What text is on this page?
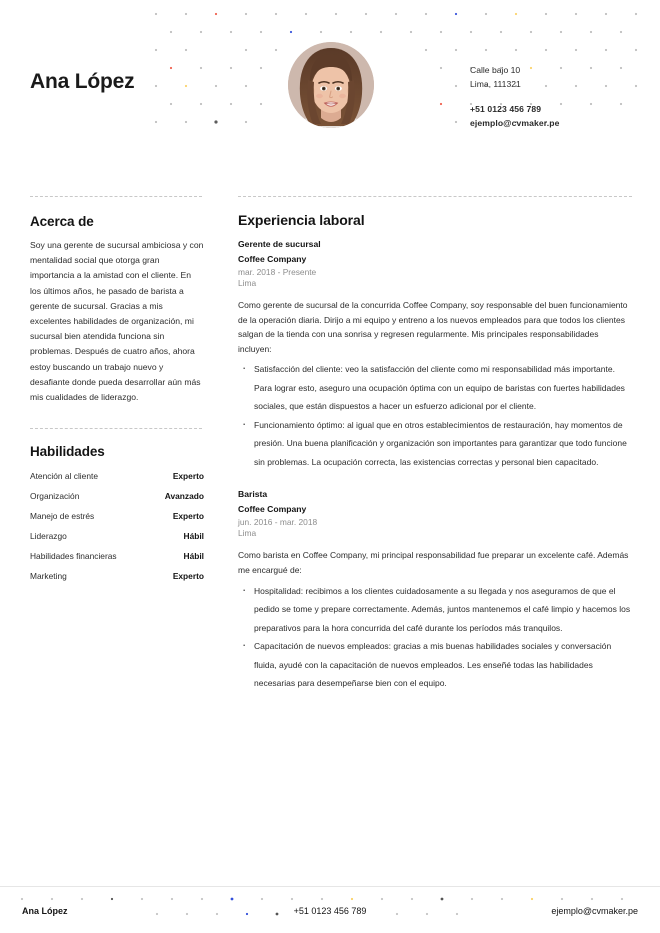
Ana López	Calle bajo 10
Lima, 111321
+51 0123 456 789
ejemplo@cvmaker.pe
Acerca de

Soy una gerente de sucursal ambiciosa y con mentalidad social que otorga gran importancia a la amistad con el cliente. En los últimos años, he pasado de barista a gerente de sucursal. Gracias a mis excelentes habilidades de organización, mi sucursal bien atendida funciona sin problemas. Después de cuatro años, ahora estoy buscando un trabajo nuevo y desafiante donde pueda desarrollar aún más mis cualidades de liderazgo.

Habilidades
Atención al cliente	Experto
Organización	Avanzado
Manejo de estrés	Experto
Liderazgo	Hábil
Habilidades financieras	Hábil
Marketing	Experto
Experiencia laboral
Gerente de sucursal
Coffee Company
mar. 2018 - Presente
Lima

Como gerente de sucursal de la concurrida Coffee Company, soy responsable del buen funcionamiento de la operación diaria. Dirijo a mi equipo y entreno a los nuevos empleados para que todos los clientes salgan de la tienda con una sonrisa y regresen regularmente. Mis principales responsabilidades incluyen:

· Satisfacción del cliente: veo la satisfacción del cliente como mi responsabilidad más importante. Para lograr esto, aseguro una ocupación óptima con un equipo de baristas con fuertes habilidades sociales, que están dispuestos a hacer un esfuerzo adicional por el cliente.
· Funcionamiento óptimo: al igual que en otros establecimientos de restauración, hay momentos de presión. Una buena planificación y organización son importantes para garantizar que todo funcione sin problemas. La ocupación correcta, las existencias correctas y personal bien capacitado.
Barista
Coffee Company
jun. 2016 - mar. 2018
Lima

Como barista en Coffee Company, mi principal responsabilidad fue preparar un excelente café. Además me encargué de:

· Hospitalidad: recibimos a los clientes cuidadosamente a su llegada y nos aseguramos de que el pedido se tome y prepare correctamente. Además, juntos mantenemos el café limpio y hacemos los preparativos para la hora concurrida del café durante los períodos más tranquilos.
· Capacitación de nuevos empleados: gracias a mis buenas habilidades sociales y conversación fluida, ayudé con la capacitación de nuevos empleados. Les enseñé todas las habilidades necesarias para desempeñarse bien con el equipo.
Ana López	+51 0123 456 789	ejemplo@cvmaker.pe
